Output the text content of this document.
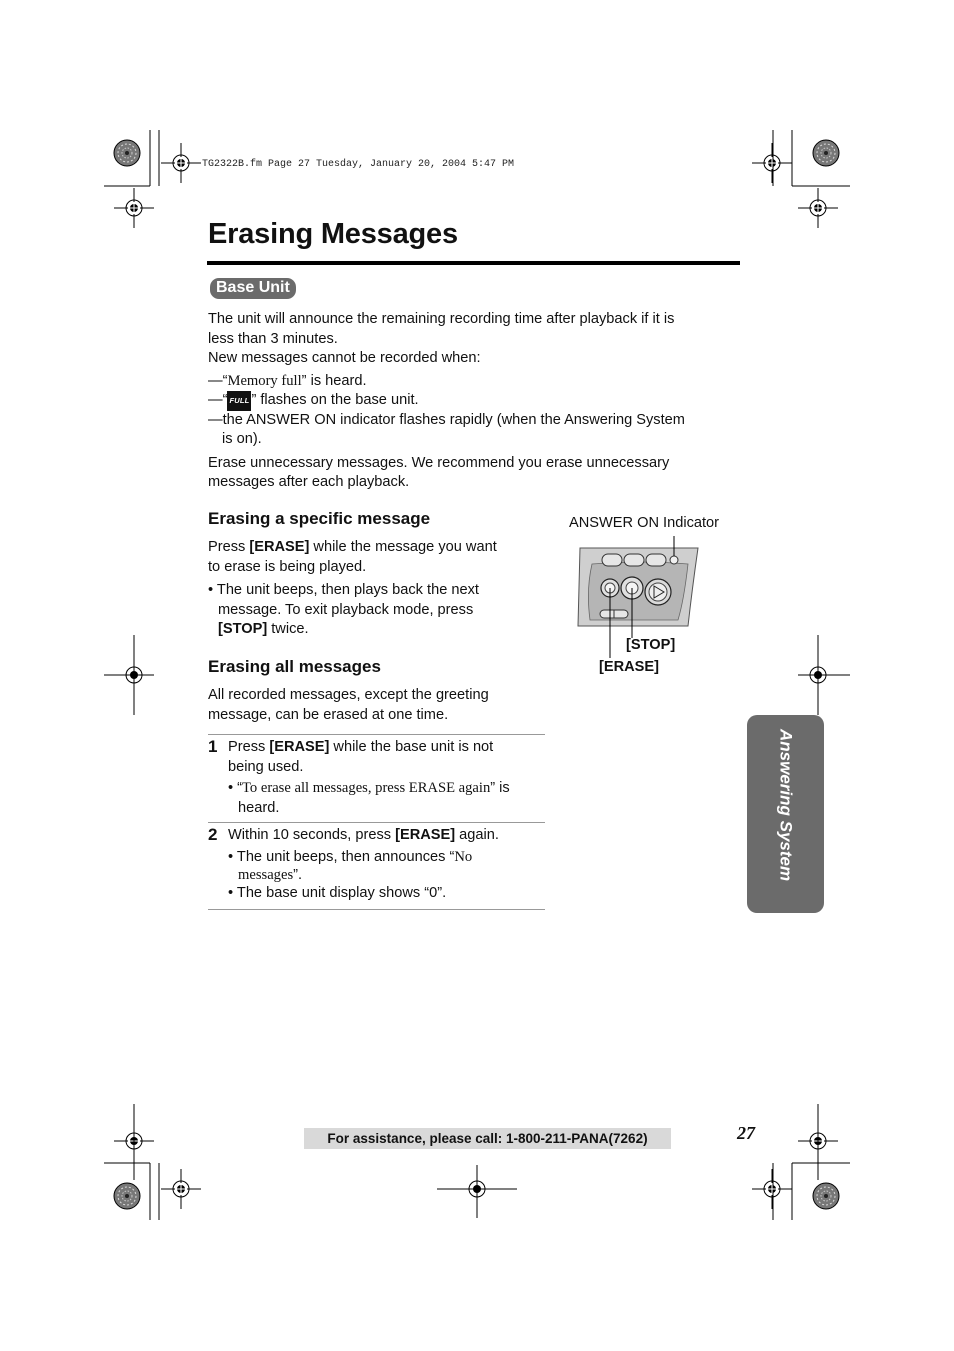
TG2322B.fm Page 27 Tuesday, January 20, 2004 5:47 PM
Erasing Messages
Base Unit

The unit will announce the remaining recording time after playback if it is

less than 3 minutes.

New messages cannot be recorded when:

—“Memory full” is heard.

—“ FULL ” flashes on the base unit.

—the ANSWER ON indicator flashes rapidly (when the Answering System

is on).

Erase unnecessary messages. We recommend you erase unnecessary

messages after each playback.

Erasing a specific message

Press [ERASE] while the message you want

to erase is being played.

• The unit beeps, then plays back the next

message. To exit playback mode, press

[STOP] twice.

Erasing all messages

All recorded messages, except the greeting

message, can be erased at one time.

1 Press [ERASE] while the base unit is not

being used.

• “To erase all messages, press ERASE again” is

heard.

2 Within 10 seconds, press [ERASE] again.

• The unit beeps, then announces “No

messages”.

• The base unit display shows “0”.

ANSWER ON Indicator
[STOP]
[ERASE]
Answering System
For assistance, please call: 1-800-211-PANA(7262)	27
